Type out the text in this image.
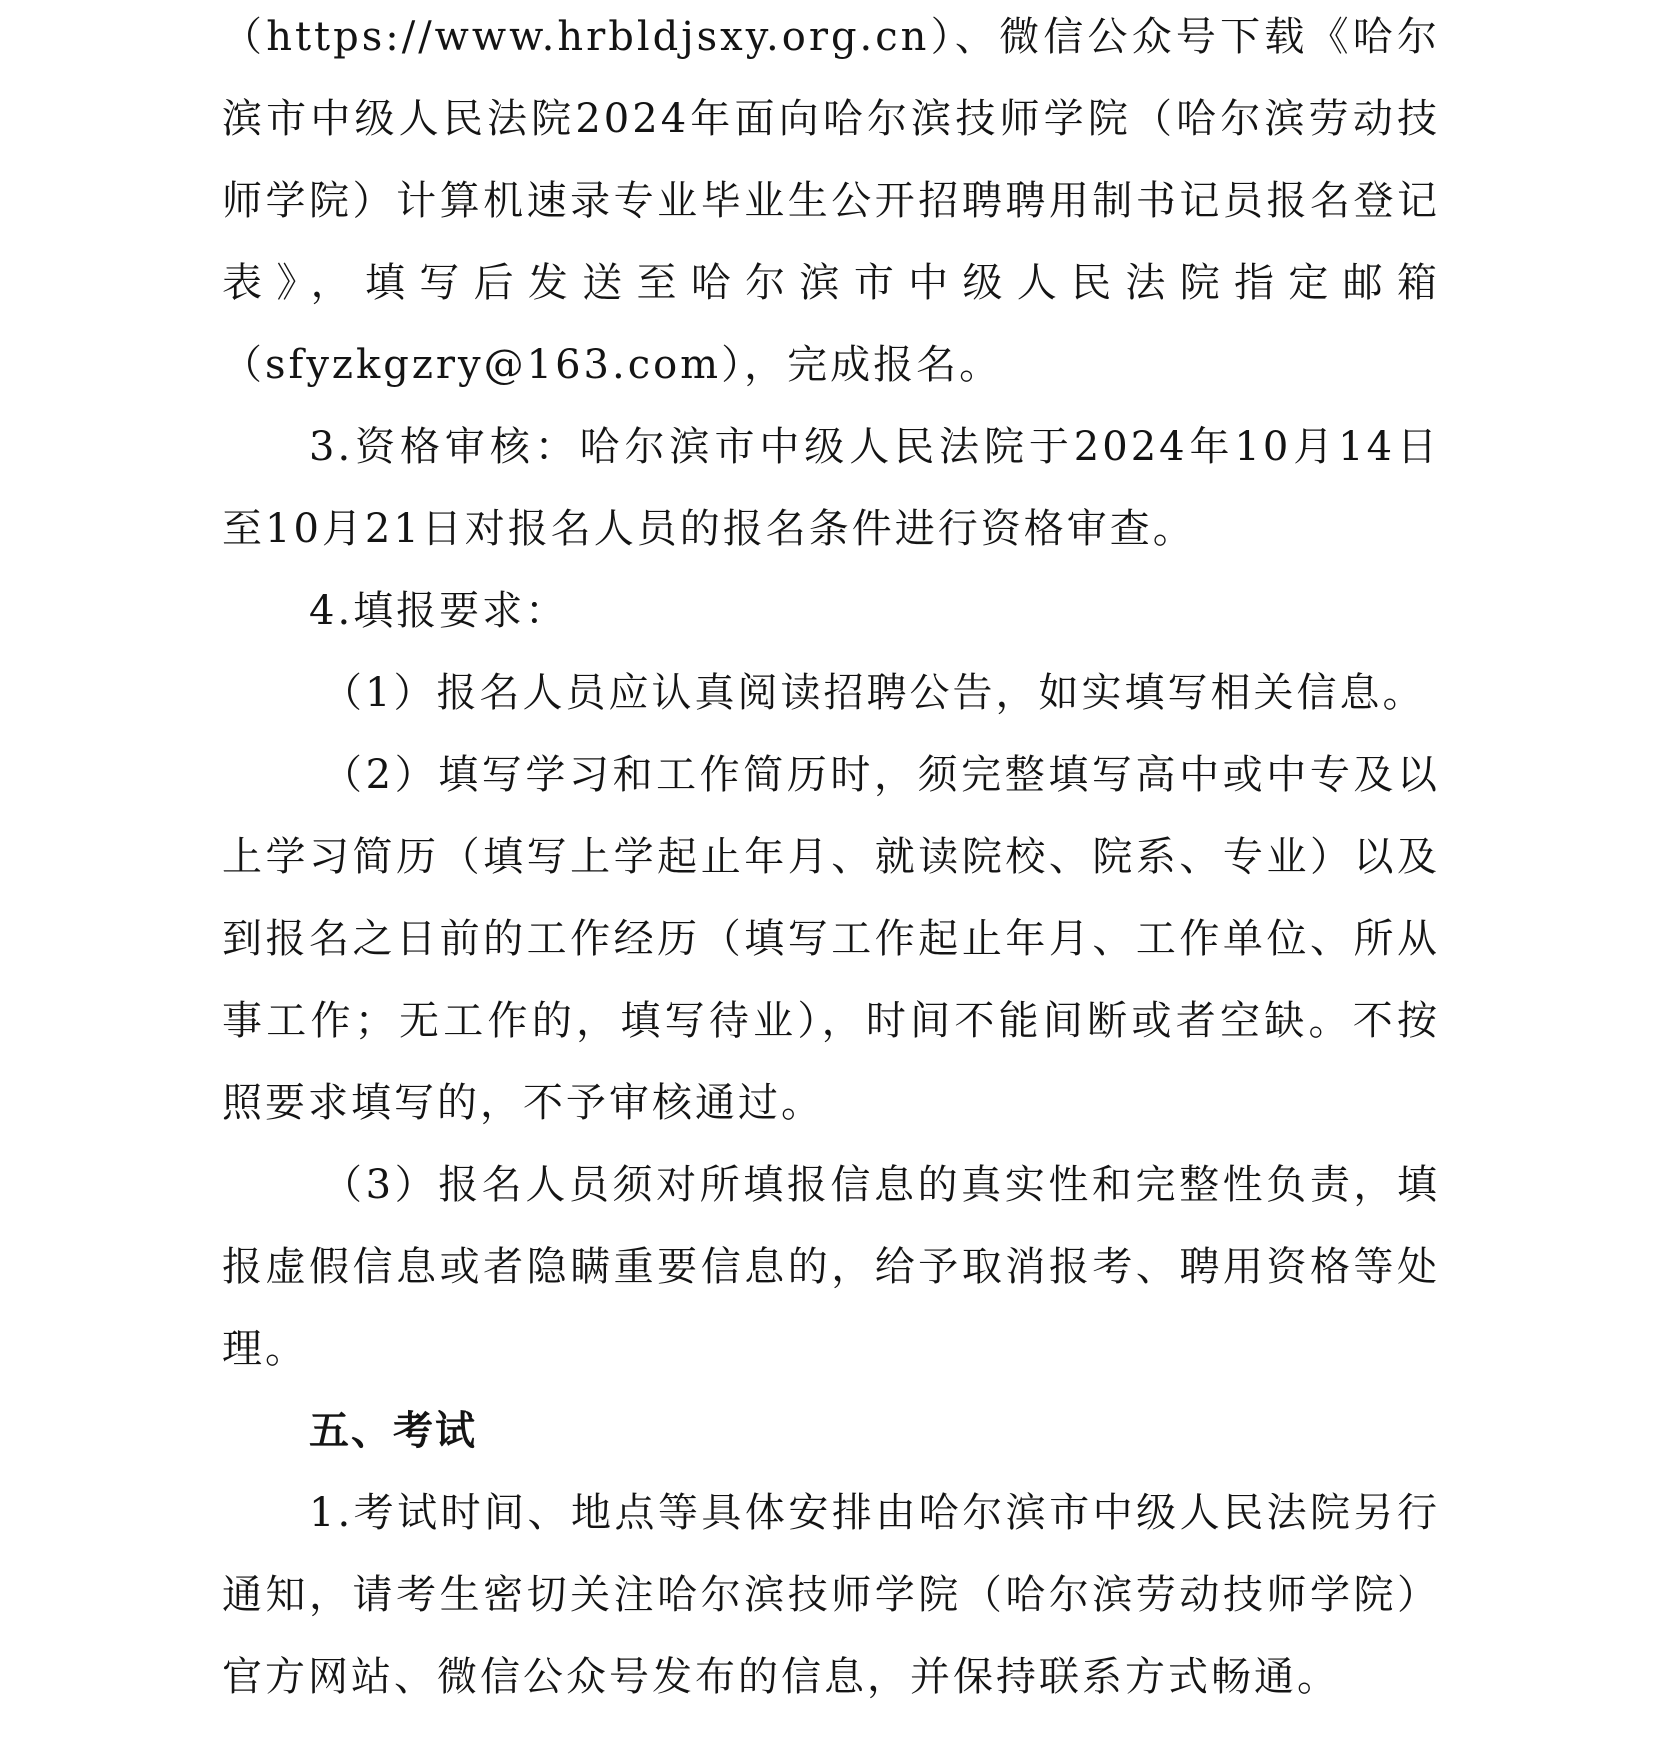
（https://www.hrbldjsxy.org.cn）、微信公众号下载《哈尔滨市中级人民法院2024年面向哈尔滨技师学院（哈尔滨劳动技师学院）计算机速录专业毕业生公开招聘聘用制书记员报名登记表》，填写后发送至哈尔滨市中级人民法院指定邮箱（sfyzkgzry@163.com），完成报名。

3.资格审核：哈尔滨市中级人民法院于2024年10月14日至10月21日对报名人员的报名条件进行资格审查。

4.填报要求：

（1）报名人员应认真阅读招聘公告，如实填写相关信息。

（2）填写学习和工作简历时，须完整填写高中或中专及以上学习简历（填写上学起止年月、就读院校、院系、专业）以及到报名之日前的工作经历（填写工作起止年月、工作单位、所从事工作；无工作的，填写待业），时间不能间断或者空缺。不按照要求填写的，不予审核通过。

（3）报名人员须对所填报信息的真实性和完整性负责，填报虚假信息或者隐瞒重要信息的，给予取消报考、聘用资格等处理。

五、考试

1.考试时间、地点等具体安排由哈尔滨市中级人民法院另行通知，请考生密切关注哈尔滨技师学院（哈尔滨劳动技师学院）官方网站、微信公众号发布的信息，并保持联系方式畅通。
